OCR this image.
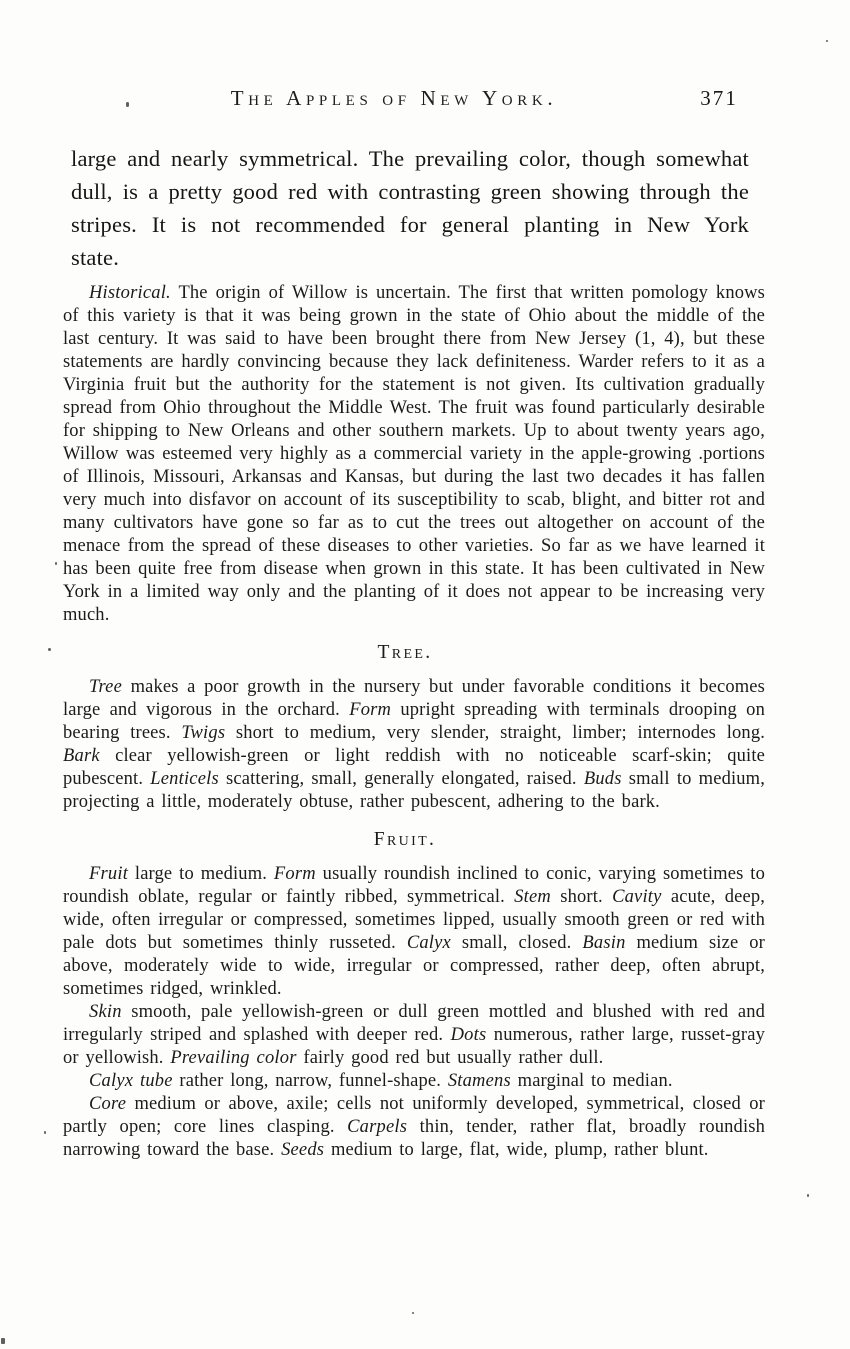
The Apples of New York.	371

large and nearly symmetrical. The prevailing color, though somewhat dull, is a pretty good red with contrasting green showing through the stripes. It is not recommended for general planting in New York state.

Historical. The origin of Willow is uncertain. The first that written pomology knows of this variety is that it was being grown in the state of Ohio about the middle of the last century. It was said to have been brought there from New Jersey (1, 4), but these statements are hardly convincing because they lack definiteness. Warder refers to it as a Virginia fruit but the authority for the statement is not given. Its cultivation gradually spread from Ohio throughout the Middle West. The fruit was found particularly desirable for shipping to New Orleans and other southern markets. Up to about twenty years ago, Willow was esteemed very highly as a commercial variety in the apple-growing .portions of Illinois, Missouri, Arkansas and Kansas, but during the last two decades it has fallen very much into disfavor on account of its susceptibility to scab, blight, and bitter rot and many cultivators have gone so far as to cut the trees out altogether on account of the menace from the spread of these diseases to other varieties. So far as we have learned it has been quite free from disease when grown in this state. It has been cultivated in New York in a limited way only and the planting of it does not appear to be increasing very much.

Tree.

Tree makes a poor growth in the nursery but under favorable conditions it becomes large and vigorous in the orchard. Form upright spreading with terminals drooping on bearing trees. Twigs short to medium, very slender, straight, limber; internodes long. Bark clear yellowish-green or light reddish with no noticeable scarf-skin; quite pubescent. Lenticels scattering, small, generally elongated, raised. Buds small to medium, projecting a little, moderately obtuse, rather pubescent, adhering to the bark.

Fruit.

Fruit large to medium. Form usually roundish inclined to conic, varying sometimes to roundish oblate, regular or faintly ribbed, symmetrical. Stem short. Cavity acute, deep, wide, often irregular or compressed, sometimes lipped, usually smooth green or red with pale dots but sometimes thinly russeted. Calyx small, closed. Basin medium size or above, moderately wide to wide, irregular or compressed, rather deep, often abrupt, sometimes ridged, wrinkled.

Skin smooth, pale yellowish-green or dull green mottled and blushed with red and irregularly striped and splashed with deeper red. Dots numerous, rather large, russet-gray or yellowish. Prevailing color fairly good red but usually rather dull.

Calyx tube rather long, narrow, funnel-shape. Stamens marginal to median.

Core medium or above, axile; cells not uniformly developed, symmetrical, closed or partly open; core lines clasping. Carpels thin, tender, rather flat, broadly roundish narrowing toward the base. Seeds medium to large, flat, wide, plump, rather blunt.
